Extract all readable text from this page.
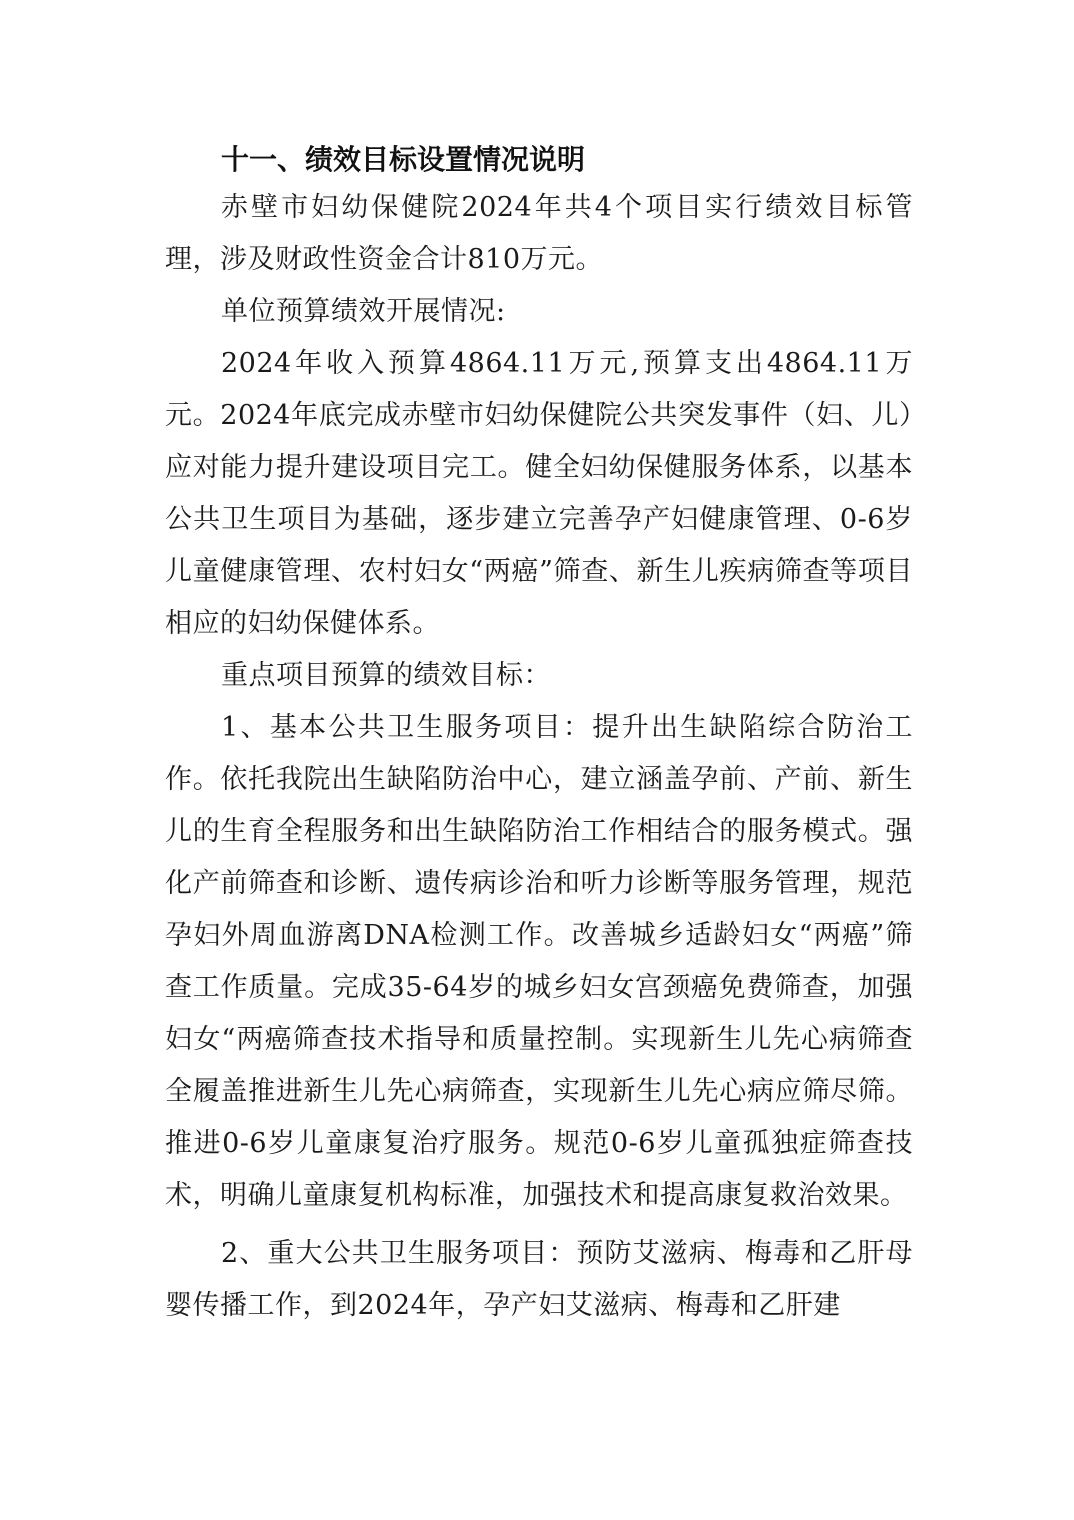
十一、绩效目标设置情况说明

赤壁市妇幼保健院2024年共4个项目实行绩效目标管理，涉及财政性资金合计810万元。

单位预算绩效开展情况:

2024年收入预算4864.11万元,预算支出4864.11万元。2024年底完成赤壁市妇幼保健院公共突发事件（妇、儿）应对能力提升建设项目完工。健全妇幼保健服务体系，以基本公共卫生项目为基础，逐步建立完善孕产妇健康管理、0-6岁儿童健康管理、农村妇女“两癌”筛查、新生儿疾病筛查等项目相应的妇幼保健体系。

重点项目预算的绩效目标：

1、基本公共卫生服务项目：提升出生缺陷综合防治工作。依托我院出生缺陷防治中心，建立涵盖孕前、产前、新生儿的生育全程服务和出生缺陷防治工作相结合的服务模式。强化产前筛查和诊断、遗传病诊治和听力诊断等服务管理，规范孕妇外周血游离DNA检测工作。改善城乡适龄妇女“两癌”筛查工作质量。完成35-64岁的城乡妇女宫颈癌免费筛查，加强妇女“两癌筛查技术指导和质量控制。实现新生儿先心病筛查全履盖推进新生儿先心病筛查，实现新生儿先心病应筛尽筛。推进0-6岁儿童康复治疗服务。规范0-6岁儿童孤独症筛查技术，明确儿童康复机构标准，加强技术和提高康复救治效果。

2、重大公共卫生服务项目：预防艾滋病、梅毒和乙肝母婴传播工作，到2024年，孕产妇艾滋病、梅毒和乙肝建
